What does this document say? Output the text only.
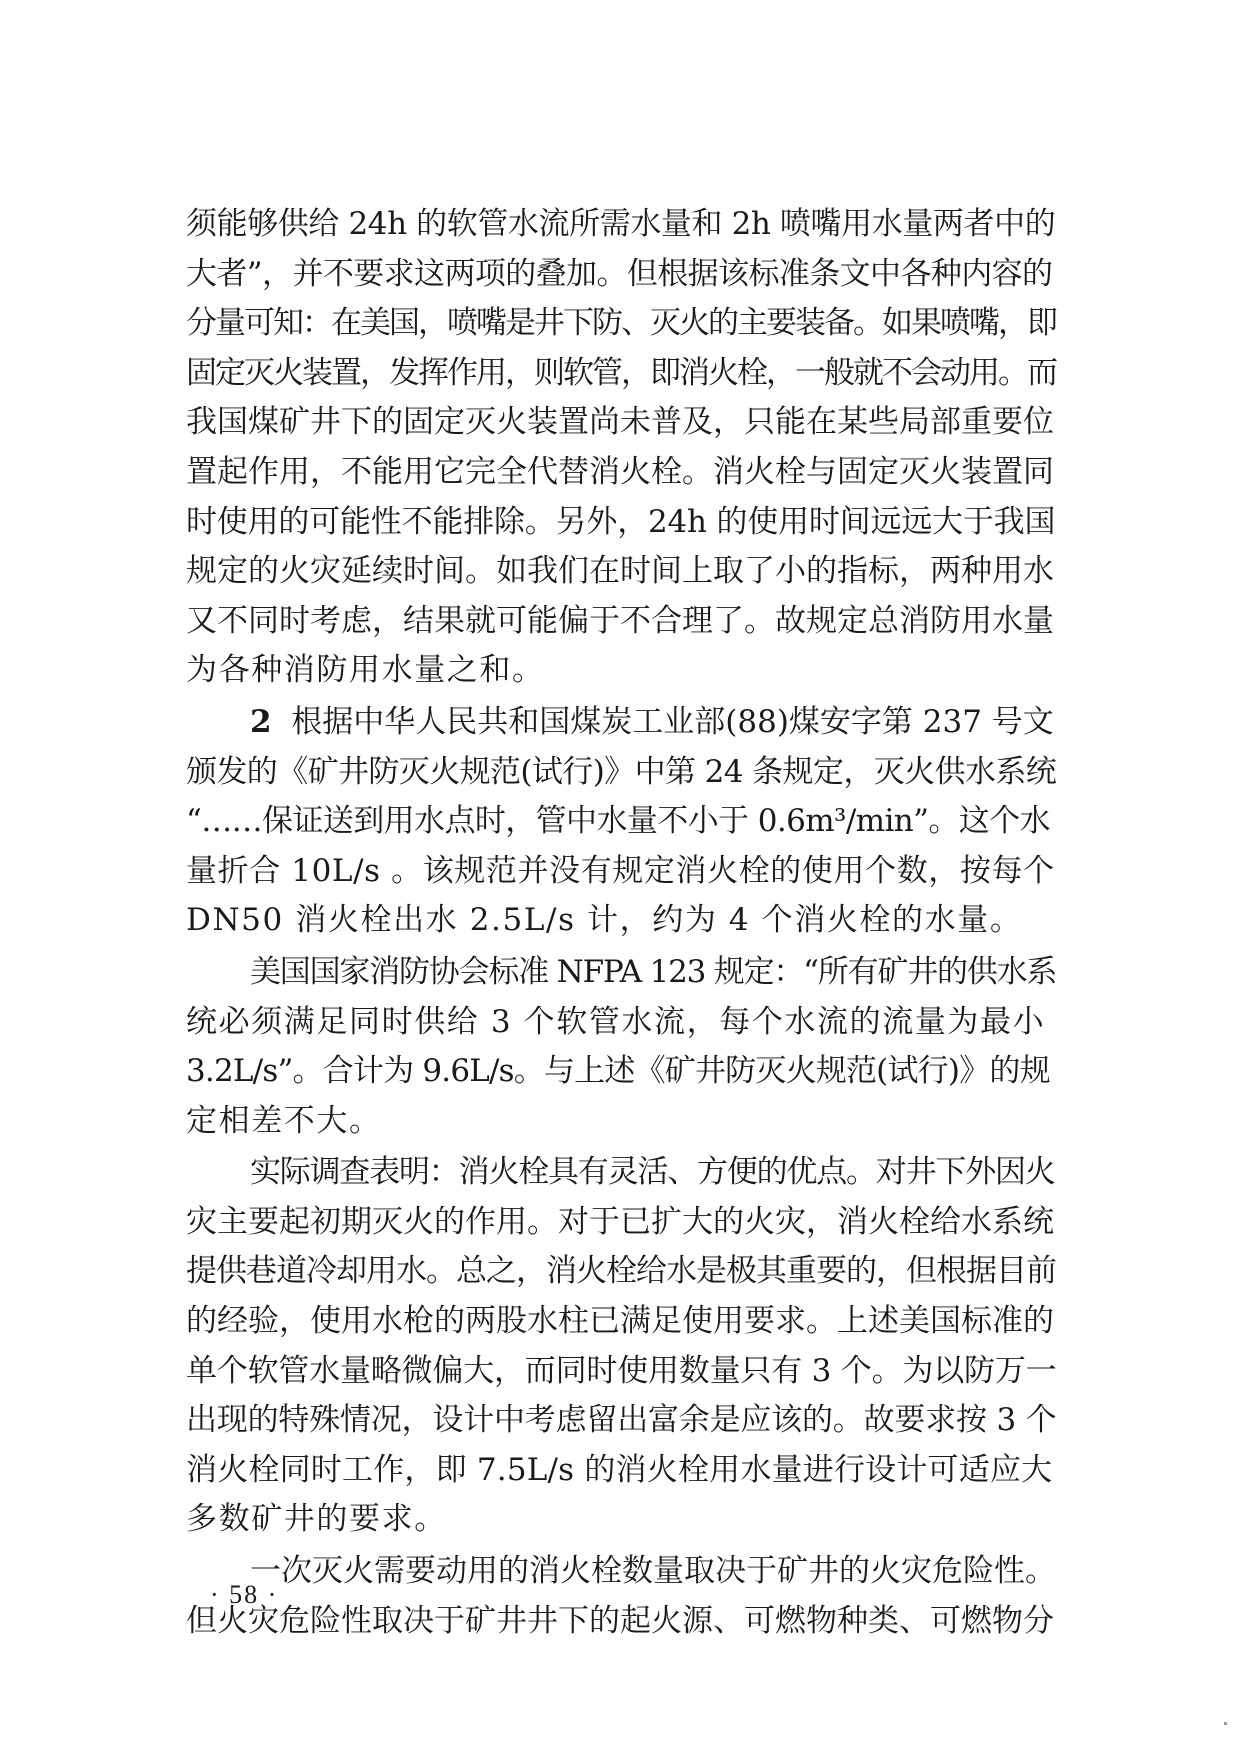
须能够供给 24h 的软管水流所需水量和 2h 喷嘴用水量两者中的
大者”，并不要求这两项的叠加。但根据该标准条文中各种内容的
分量可知：在美国，喷嘴是井下防、灭火的主要装备。如果喷嘴，即
固定灭火装置，发挥作用，则软管，即消火栓，一般就不会动用。而
我国煤矿井下的固定灭火装置尚未普及，只能在某些局部重要位
置起作用，不能用它完全代替消火栓。消火栓与固定灭火装置同
时使用的可能性不能排除。另外，24h 的使用时间远远大于我国
规定的火灾延续时间。如我们在时间上取了小的指标，两种用水
又不同时考虑，结果就可能偏于不合理了。故规定总消防用水量
为各种消防用水量之和。
2 根据中华人民共和国煤炭工业部(88)煤安字第 237 号文
颁发的《矿井防灭火规范(试行)》中第 24 条规定，灭火供水系统
“……保证送到用水点时，管中水量不小于 0.6m³/min”。这个水
量折合 10L/s 。该规范并没有规定消火栓的使用个数，按每个
DN50 消火栓出水 2.5L/s 计，约为 4 个消火栓的水量。
美国国家消防协会标准 NFPA 123 规定：“所有矿井的供水系
统必须满足同时供给 3 个软管水流，每个水流的流量为最小
3.2L/s”。合计为 9.6L/s。与上述《矿井防灭火规范(试行)》的规
定相差不大。
实际调查表明：消火栓具有灵活、方便的优点。对井下外因火
灾主要起初期灭火的作用。对于已扩大的火灾，消火栓给水系统
提供巷道冷却用水。总之，消火栓给水是极其重要的，但根据目前
的经验，使用水枪的两股水柱已满足使用要求。上述美国标准的
单个软管水量略微偏大，而同时使用数量只有 3 个。为以防万一
出现的特殊情况，设计中考虑留出富余是应该的。故要求按 3 个
消火栓同时工作，即 7.5L/s 的消火栓用水量进行设计可适应大
多数矿井的要求。
一次灭火需要动用的消火栓数量取决于矿井的火灾危险性。
但火灾危险性取决于矿井井下的起火源、可燃物种类、可燃物分
· 58 ·
